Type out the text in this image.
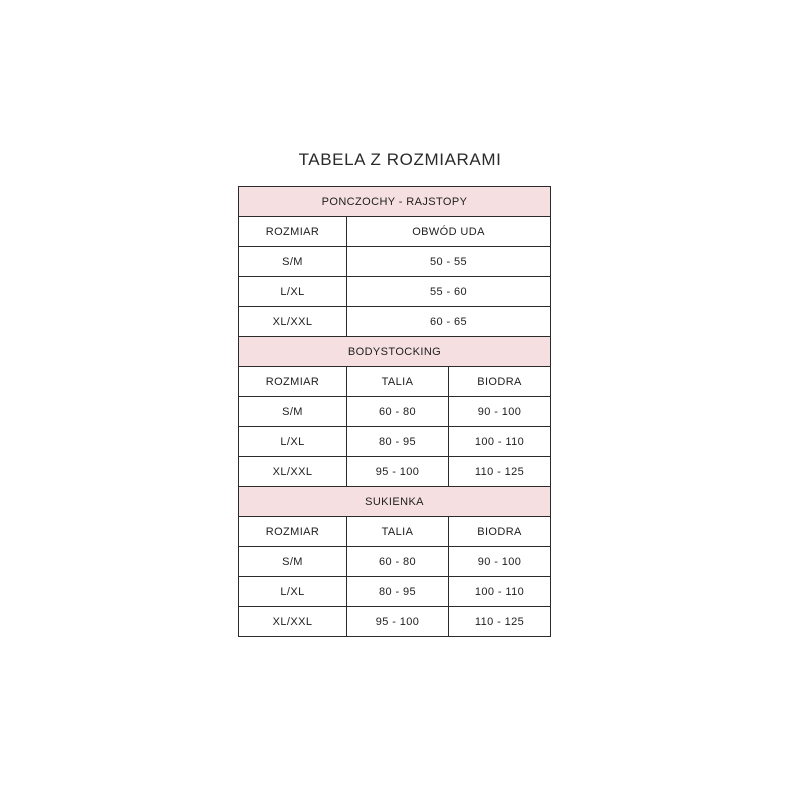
TABELA Z ROZMIARAMI
PONCZOCHY - RAJSTOPY		
ROZMIAR	OBWÓD UDA	
S/M	50 - 55	
L/XL	55 - 60	
XL/XXL	60 - 65	
BODYSTOCKING		
ROZMIAR	TALIA	BIODRA
S/M	60 - 80	90 - 100
L/XL	80 - 95	100 - 110
XL/XXL	95 - 100	110 - 125
SUKIENKA		
ROZMIAR	TALIA	BIODRA
S/M	60 - 80	90 - 100
L/XL	80 - 95	100 - 110
XL/XXL	95 - 100	110 - 125
